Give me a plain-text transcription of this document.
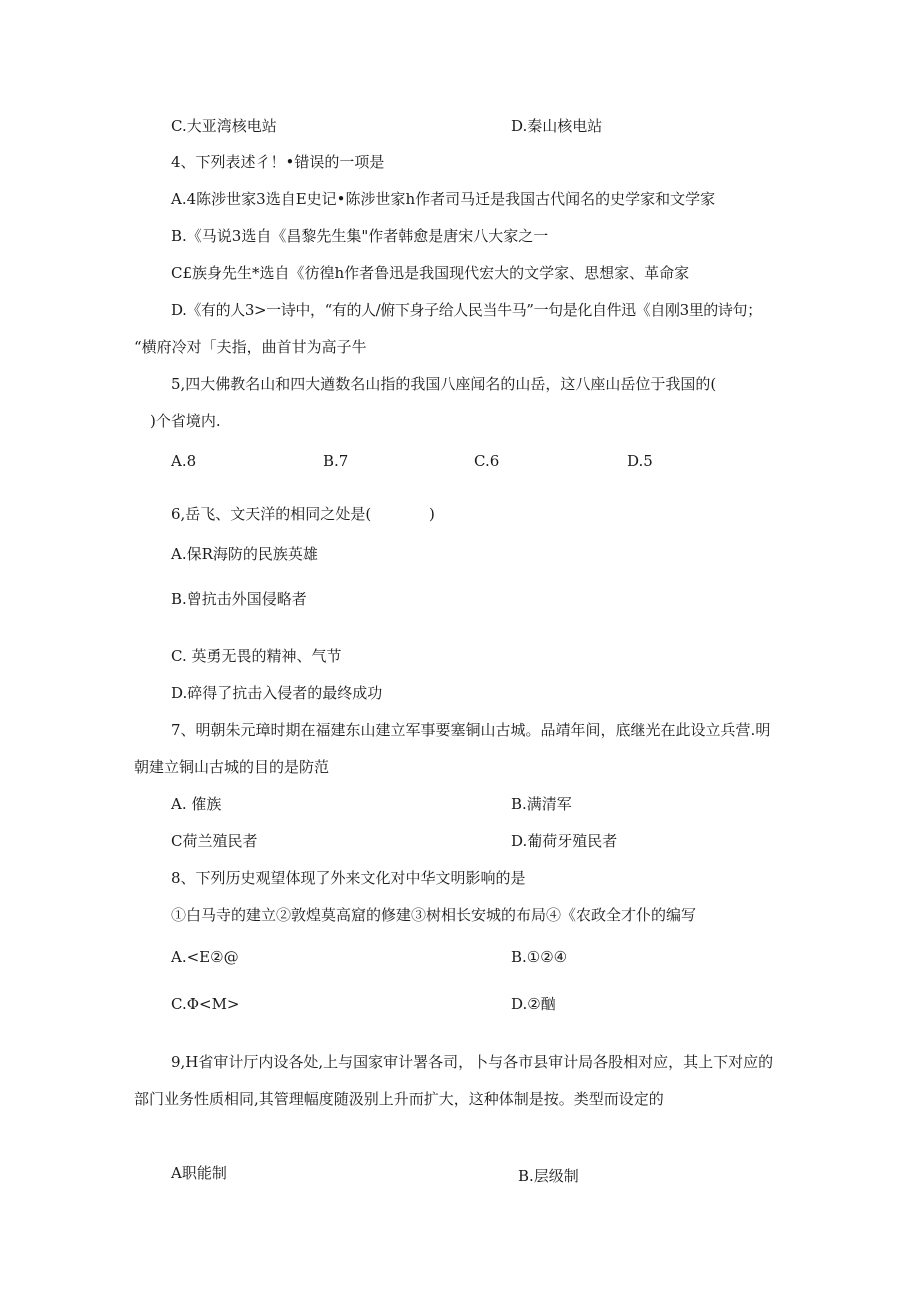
C.大亚湾核电站	D.秦山核电站
4、下列表述彳！•错误的一项是
A.4陈涉世家3选自E史记•陈涉世家h作者司马迁是我国古代闻名的史学家和文学家
B.《马说3选自《昌黎先生集"作者韩愈是唐宋八大家之一
C£族身先生*选自《彷徨h作者鲁迅是我国现代宏大的文学家、思想家、革命家
D.《有的人3>一诗中，“有的人/俯下身子给人民当牛马”一句是化自件迅《自刚3里的诗句；
“横府冷对「夫指，曲首甘为高子牛
5,四大佛教名山和四大遒数名山指的我国八座闻名的山岳，这八座山岳位于我国的(
)个省境内.
A.8	B.7	C.6	D.5
6,岳飞、文天洋的相同之处是(	)
A.保R海防的民族英雄
B.曾抗击外国侵略者
C. 英勇无畏的精神、气节
D.碎得了抗击入侵者的最终成功
7、明朝朱元璋时期在福建东山建立军事要塞铜山古城。品靖年间，底继光在此设立兵营.明
朝建立铜山古城的目的是防范
A. 傕族	B.满清军
C荷兰殖民者	D.葡荷牙殖民者
8、下列历史观望体现了外来文化对中华文明影响的是
①白马寺的建立②敦煌莫高窟的修建③树相长安城的布局④《农政全才仆的编写
A.<E②@	B.①②④
C.Φ<M>	D.②酗
9,H省审计厅内设各处,上与国家审计署各司，卜与各市县审计局各股相对应，其上下对应的
部门业务性质相同,其管理幅度随汲别上升而扩大，这种体制是按。类型而设定的
A职能制	B.层级制
